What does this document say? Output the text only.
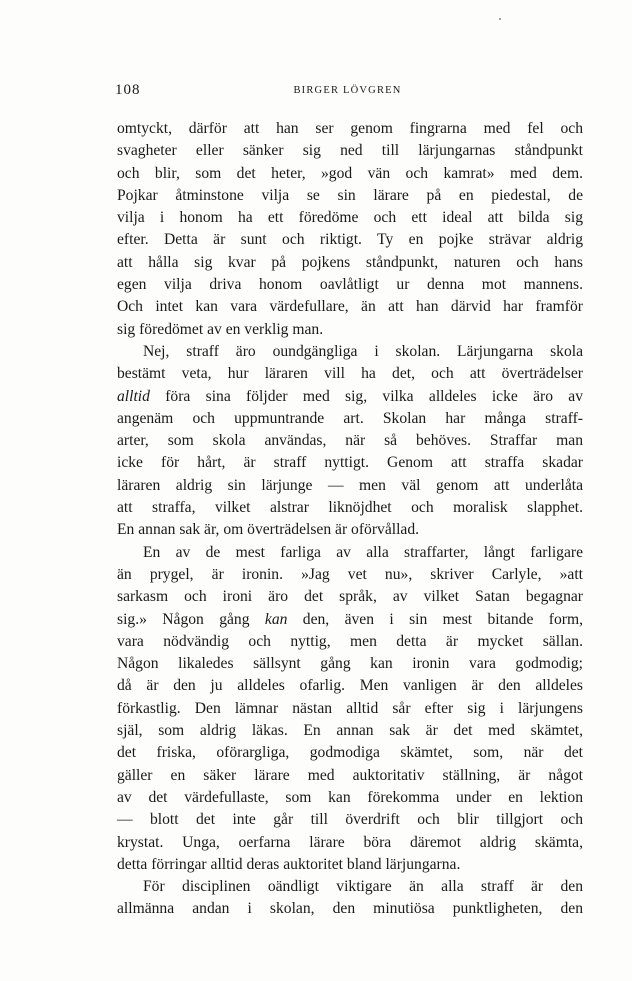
108	BIRGER LÖVGREN
omtyckt, därför att han ser genom fingrarna med fel och
svagheter eller sänker sig ned till lärjungarnas ståndpunkt
och blir, som det heter, »god vän och kamrat» med dem.
Pojkar åtminstone vilja se sin lärare på en piedestal, de
vilja i honom ha ett föredöme och ett ideal att bilda sig
efter. Detta är sunt och riktigt. Ty en pojke strävar aldrig
att hålla sig kvar på pojkens ståndpunkt, naturen och hans
egen vilja driva honom oavlåtligt ur denna mot mannens.
Och intet kan vara värdefullare, än att han därvid har framför
sig föredömet av en verklig man.
Nej, straff äro oundgängliga i skolan. Lärjungarna skola
bestämt veta, hur läraren vill ha det, och att överträdelser
alltid föra sina följder med sig, vilka alldeles icke äro av
angenäm och uppmuntrande art. Skolan har många straff-
arter, som skola användas, när så behöves. Straffar man
icke för hårt, är straff nyttigt. Genom att straffa skadar
läraren aldrig sin lärjunge — men väl genom att underlåta
att straffa, vilket alstrar liknöjdhet och moralisk slapphet.
En annan sak är, om överträdelsen är oförvållad.
En av de mest farliga av alla straffarter, långt farligare
än prygel, är ironin. »Jag vet nu», skriver Carlyle, »att
sarkasm och ironi äro det språk, av vilket Satan begagnar
sig.» Någon gång kan den, även i sin mest bitande form,
vara nödvändig och nyttig, men detta är mycket sällan.
Någon likaledes sällsynt gång kan ironin vara godmodig;
då är den ju alldeles ofarlig. Men vanligen är den alldeles
förkastlig. Den lämnar nästan alltid sår efter sig i lärjungens
själ, som aldrig läkas. En annan sak är det med skämtet,
det friska, oförargliga, godmodiga skämtet, som, när det
gäller en säker lärare med auktoritativ ställning, är något
av det värdefullaste, som kan förekomma under en lektion
— blott det inte går till överdrift och blir tillgjort och
krystat. Unga, oerfarna lärare böra däremot aldrig skämta,
detta förringar alltid deras auktoritet bland lärjungarna.
För disciplinen oändligt viktigare än alla straff är den
allmänna andan i skolan, den minutiösa punktligheten, den
